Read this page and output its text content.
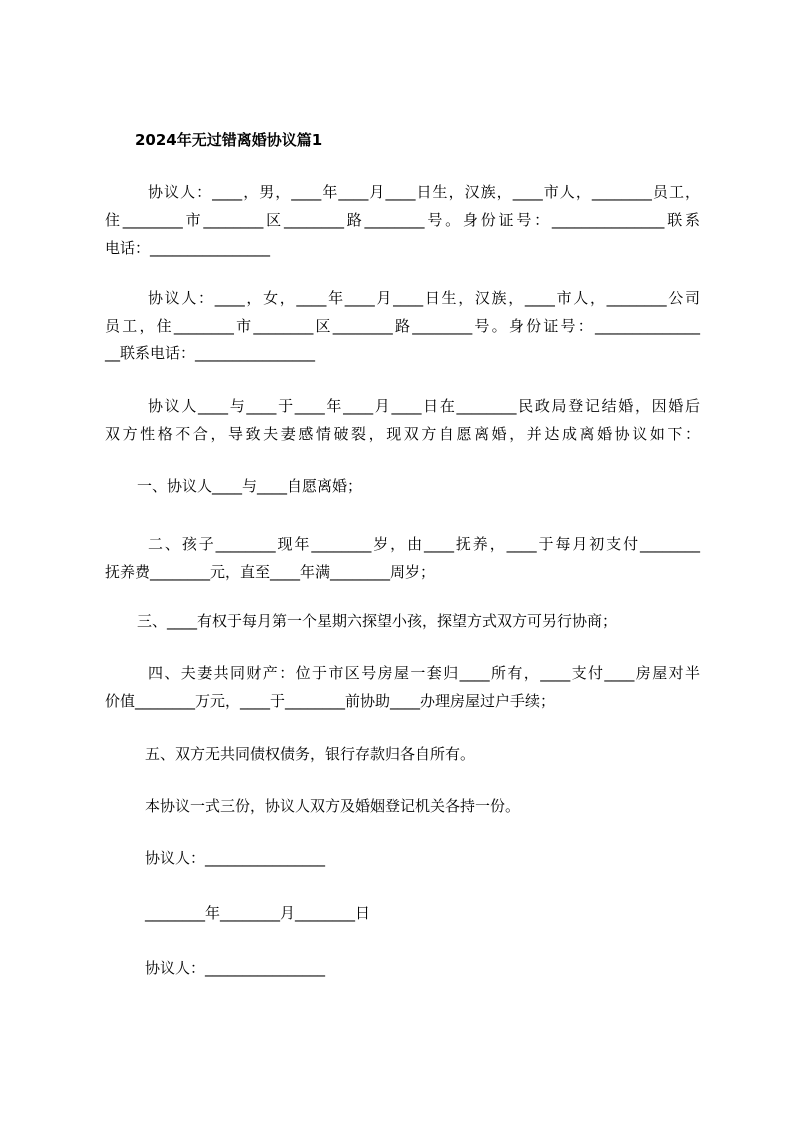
2024年无过错离婚协议篇1
协议人：____，男，____年____月____日生，汉族，____市人，________员工，
住________市________区________路________号。身份证号：_______________联系
电话：________________
协议人：____，女，____年____月____日生，汉族，____市人，________公司
员工，住________市________区________路________号。身份证号：______________
__联系电话：________________
协议人____与____于____年____月____日在________民政局登记结婚，因婚后
双方性格不合，导致夫妻感情破裂，现双方自愿离婚，并达成离婚协议如下：
一、协议人____与____自愿离婚；
二、孩子________现年________岁，由____抚养，____于每月初支付________
抚养费________元，直至____年满________周岁；
三、____有权于每月第一个星期六探望小孩，探望方式双方可另行协商；
四、夫妻共同财产：位于市区号房屋一套归____所有，____支付____房屋对半
价值________万元，____于________前协助____办理房屋过户手续；
五、双方无共同债权债务，银行存款归各自所有。
本协议一式三份，协议人双方及婚姻登记机关各持一份。
协议人：________________
________年________月________日
协议人：________________
